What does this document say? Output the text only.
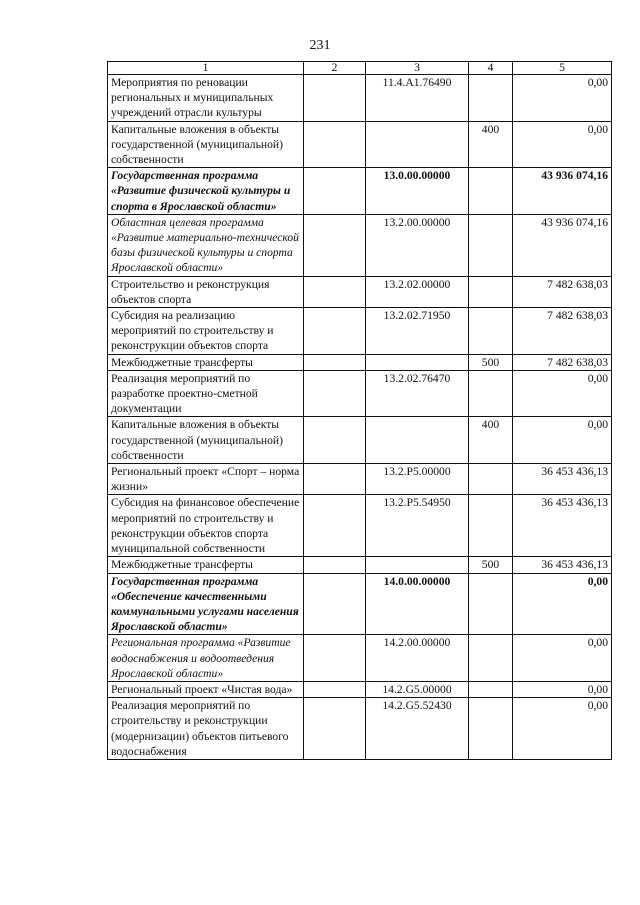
231
1	2	3	4	5
Мероприятия по реновации региональных и муниципальных учреждений отрасли культуры		11.4.A1.76490		0,00
Капитальные вложения в объекты государственной (муниципальной) собственности			400	0,00
Государственная программа «Развитие физической культуры и спорта в Ярославской области»		13.0.00.00000		43 936 074,16
Областная целевая программа «Развитие материально-технической базы физической культуры и спорта Ярославской области»		13.2.00.00000		43 936 074,16
Строительство и реконструкция объектов спорта		13.2.02.00000		7 482 638,03
Субсидия на реализацию мероприятий по строительству и реконструкции объектов спорта		13.2.02.71950		7 482 638,03
Межбюджетные трансферты			500	7 482 638,03
Реализация мероприятий по разработке проектно-сметной документации		13.2.02.76470		0,00
Капитальные вложения в объекты государственной (муниципальной) собственности			400	0,00
Региональный проект «Спорт – норма жизни»		13.2.P5.00000		36 453 436,13
Субсидия на финансовое обеспечение мероприятий по строительству и реконструкции объектов спорта муниципальной собственности		13.2.P5.54950		36 453 436,13
Межбюджетные трансферты			500	36 453 436,13
Государственная программа «Обеспечение качественными коммунальными услугами населения Ярославской области»		14.0.00.00000		0,00
Региональная программа «Развитие водоснабжения и водоотведения Ярославской области»		14.2.00.00000		0,00
Региональный проект «Чистая вода»		14.2.G5.00000		0,00
Реализация мероприятий по строительству и реконструкции (модернизации) объектов питьевого водоснабжения		14.2.G5.52430		0,00
